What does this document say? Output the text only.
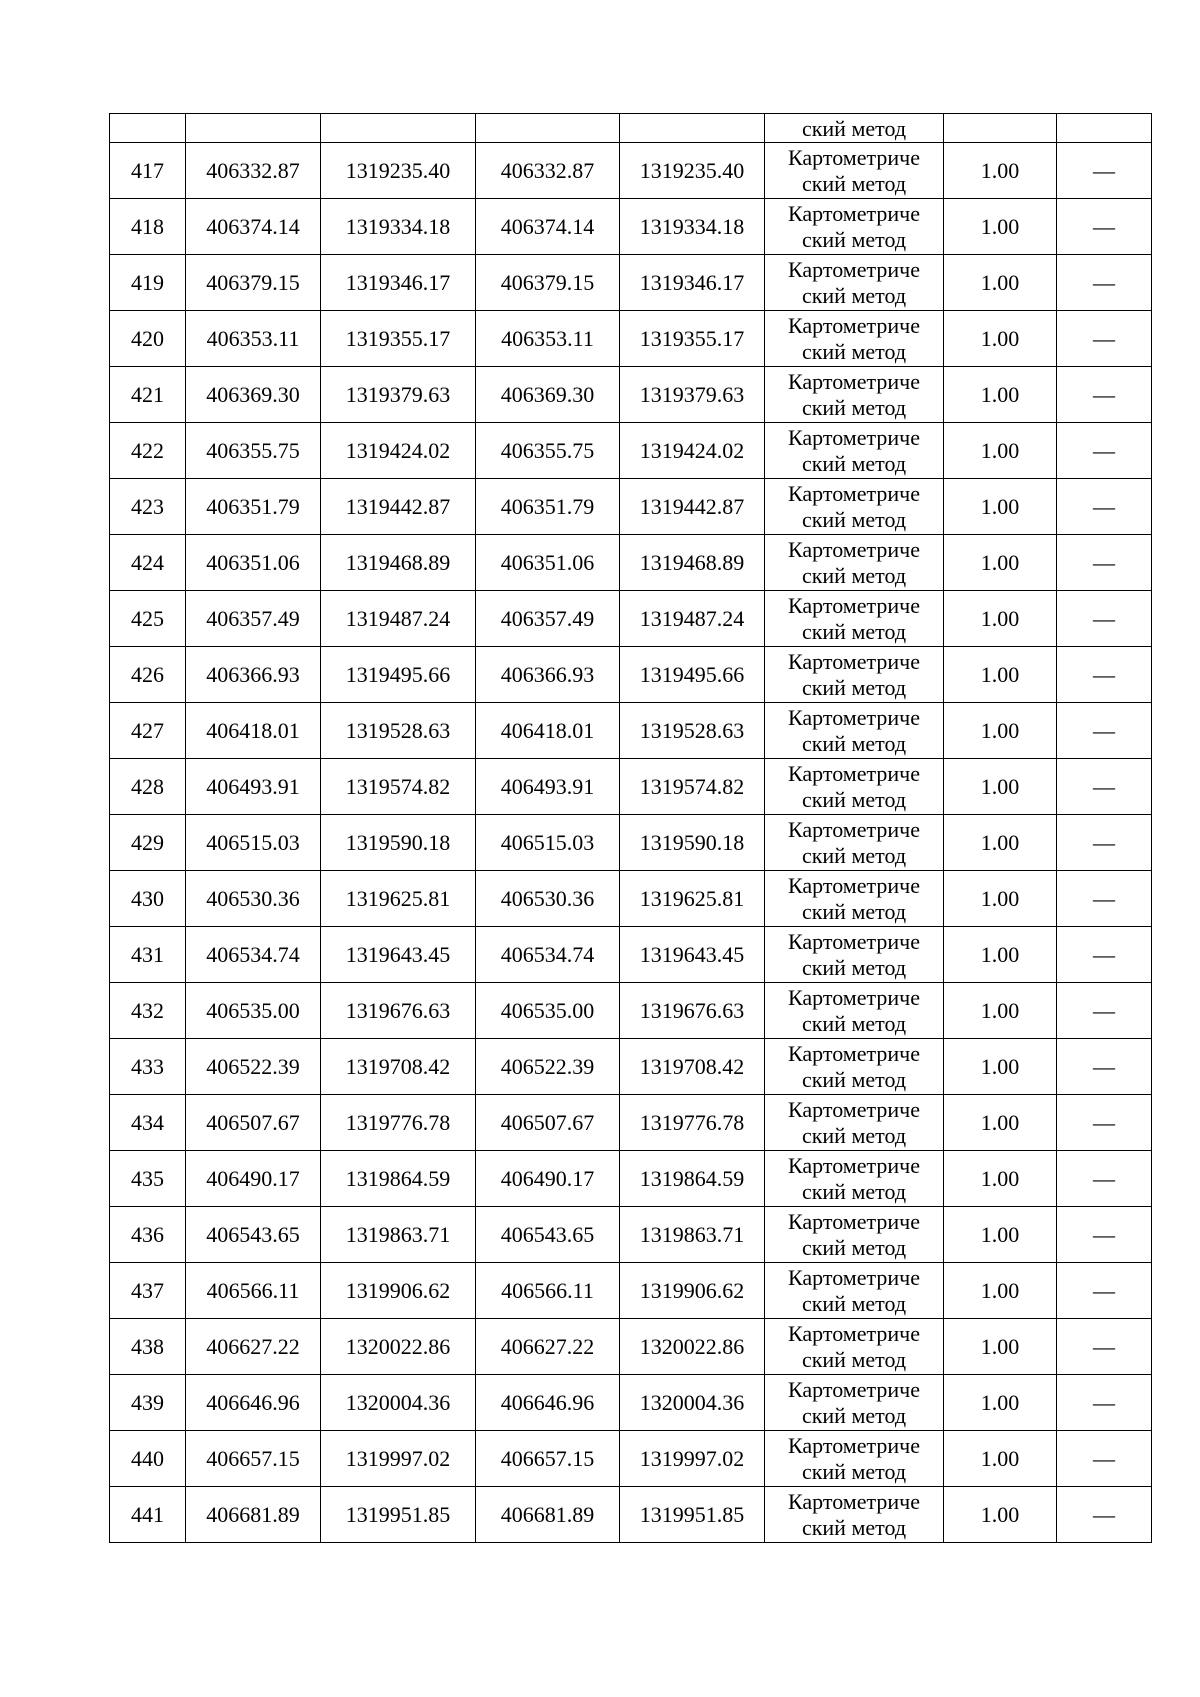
					ский метод		
417	406332.87	1319235.40	406332.87	1319235.40	Картометриче
ский метод	1.00	—
418	406374.14	1319334.18	406374.14	1319334.18	Картометриче
ский метод	1.00	—
419	406379.15	1319346.17	406379.15	1319346.17	Картометриче
ский метод	1.00	—
420	406353.11	1319355.17	406353.11	1319355.17	Картометриче
ский метод	1.00	—
421	406369.30	1319379.63	406369.30	1319379.63	Картометриче
ский метод	1.00	—
422	406355.75	1319424.02	406355.75	1319424.02	Картометриче
ский метод	1.00	—
423	406351.79	1319442.87	406351.79	1319442.87	Картометриче
ский метод	1.00	—
424	406351.06	1319468.89	406351.06	1319468.89	Картометриче
ский метод	1.00	—
425	406357.49	1319487.24	406357.49	1319487.24	Картометриче
ский метод	1.00	—
426	406366.93	1319495.66	406366.93	1319495.66	Картометриче
ский метод	1.00	—
427	406418.01	1319528.63	406418.01	1319528.63	Картометриче
ский метод	1.00	—
428	406493.91	1319574.82	406493.91	1319574.82	Картометриче
ский метод	1.00	—
429	406515.03	1319590.18	406515.03	1319590.18	Картометриче
ский метод	1.00	—
430	406530.36	1319625.81	406530.36	1319625.81	Картометриче
ский метод	1.00	—
431	406534.74	1319643.45	406534.74	1319643.45	Картометриче
ский метод	1.00	—
432	406535.00	1319676.63	406535.00	1319676.63	Картометриче
ский метод	1.00	—
433	406522.39	1319708.42	406522.39	1319708.42	Картометриче
ский метод	1.00	—
434	406507.67	1319776.78	406507.67	1319776.78	Картометриче
ский метод	1.00	—
435	406490.17	1319864.59	406490.17	1319864.59	Картометриче
ский метод	1.00	—
436	406543.65	1319863.71	406543.65	1319863.71	Картометриче
ский метод	1.00	—
437	406566.11	1319906.62	406566.11	1319906.62	Картометриче
ский метод	1.00	—
438	406627.22	1320022.86	406627.22	1320022.86	Картометриче
ский метод	1.00	—
439	406646.96	1320004.36	406646.96	1320004.36	Картометриче
ский метод	1.00	—
440	406657.15	1319997.02	406657.15	1319997.02	Картометриче
ский метод	1.00	—
441	406681.89	1319951.85	406681.89	1319951.85	Картометриче
ский метод	1.00	—
